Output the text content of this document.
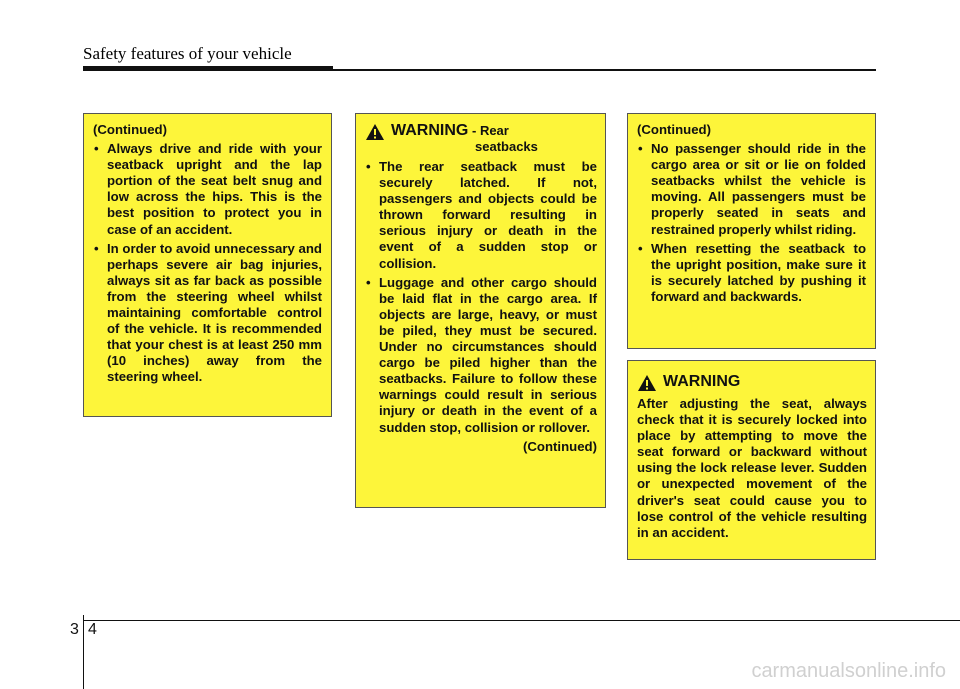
Safety features of your vehicle

(Continued)

• Always drive and ride with your seatback upright and the lap portion of the seat belt snug and low across the hips. This is the best position to protect you in case of an accident.
• In order to avoid unnecessary and perhaps severe air bag injuries, always sit as far back as possible from the steering wheel whilst maintaining comfortable control of the vehicle. It is recommended that your chest is at least 250 mm (10 inches) away from the steering wheel.
WARNING - Rear
seatbacks
• The rear seatback must be securely latched. If not, passengers and objects could be thrown forward resulting in serious injury or death in the event of a sudden stop or collision.
• Luggage and other cargo should be laid flat in the cargo area. If objects are large, heavy, or must be piled, they must be secured. Under no circumstances should cargo be piled higher than the seatbacks. Failure to follow these warnings could result in serious injury or death in the event of a sudden stop, collision or rollover.

(Continued)

(Continued)

• No passenger should ride in the cargo area or sit or lie on folded seatbacks whilst the vehicle is moving. All passengers must be properly seated in seats and restrained properly whilst riding.
• When resetting the seatback to the upright position, make sure it is securely latched by pushing it forward and backwards.
WARNING

After adjusting the seat, always check that it is securely locked into place by attempting to move the seat forward or backward without using the lock release lever. Sudden or unexpected movement of the driver's seat could cause you to lose control of the vehicle resulting in an accident.

3 4
carmanualsonline.info
